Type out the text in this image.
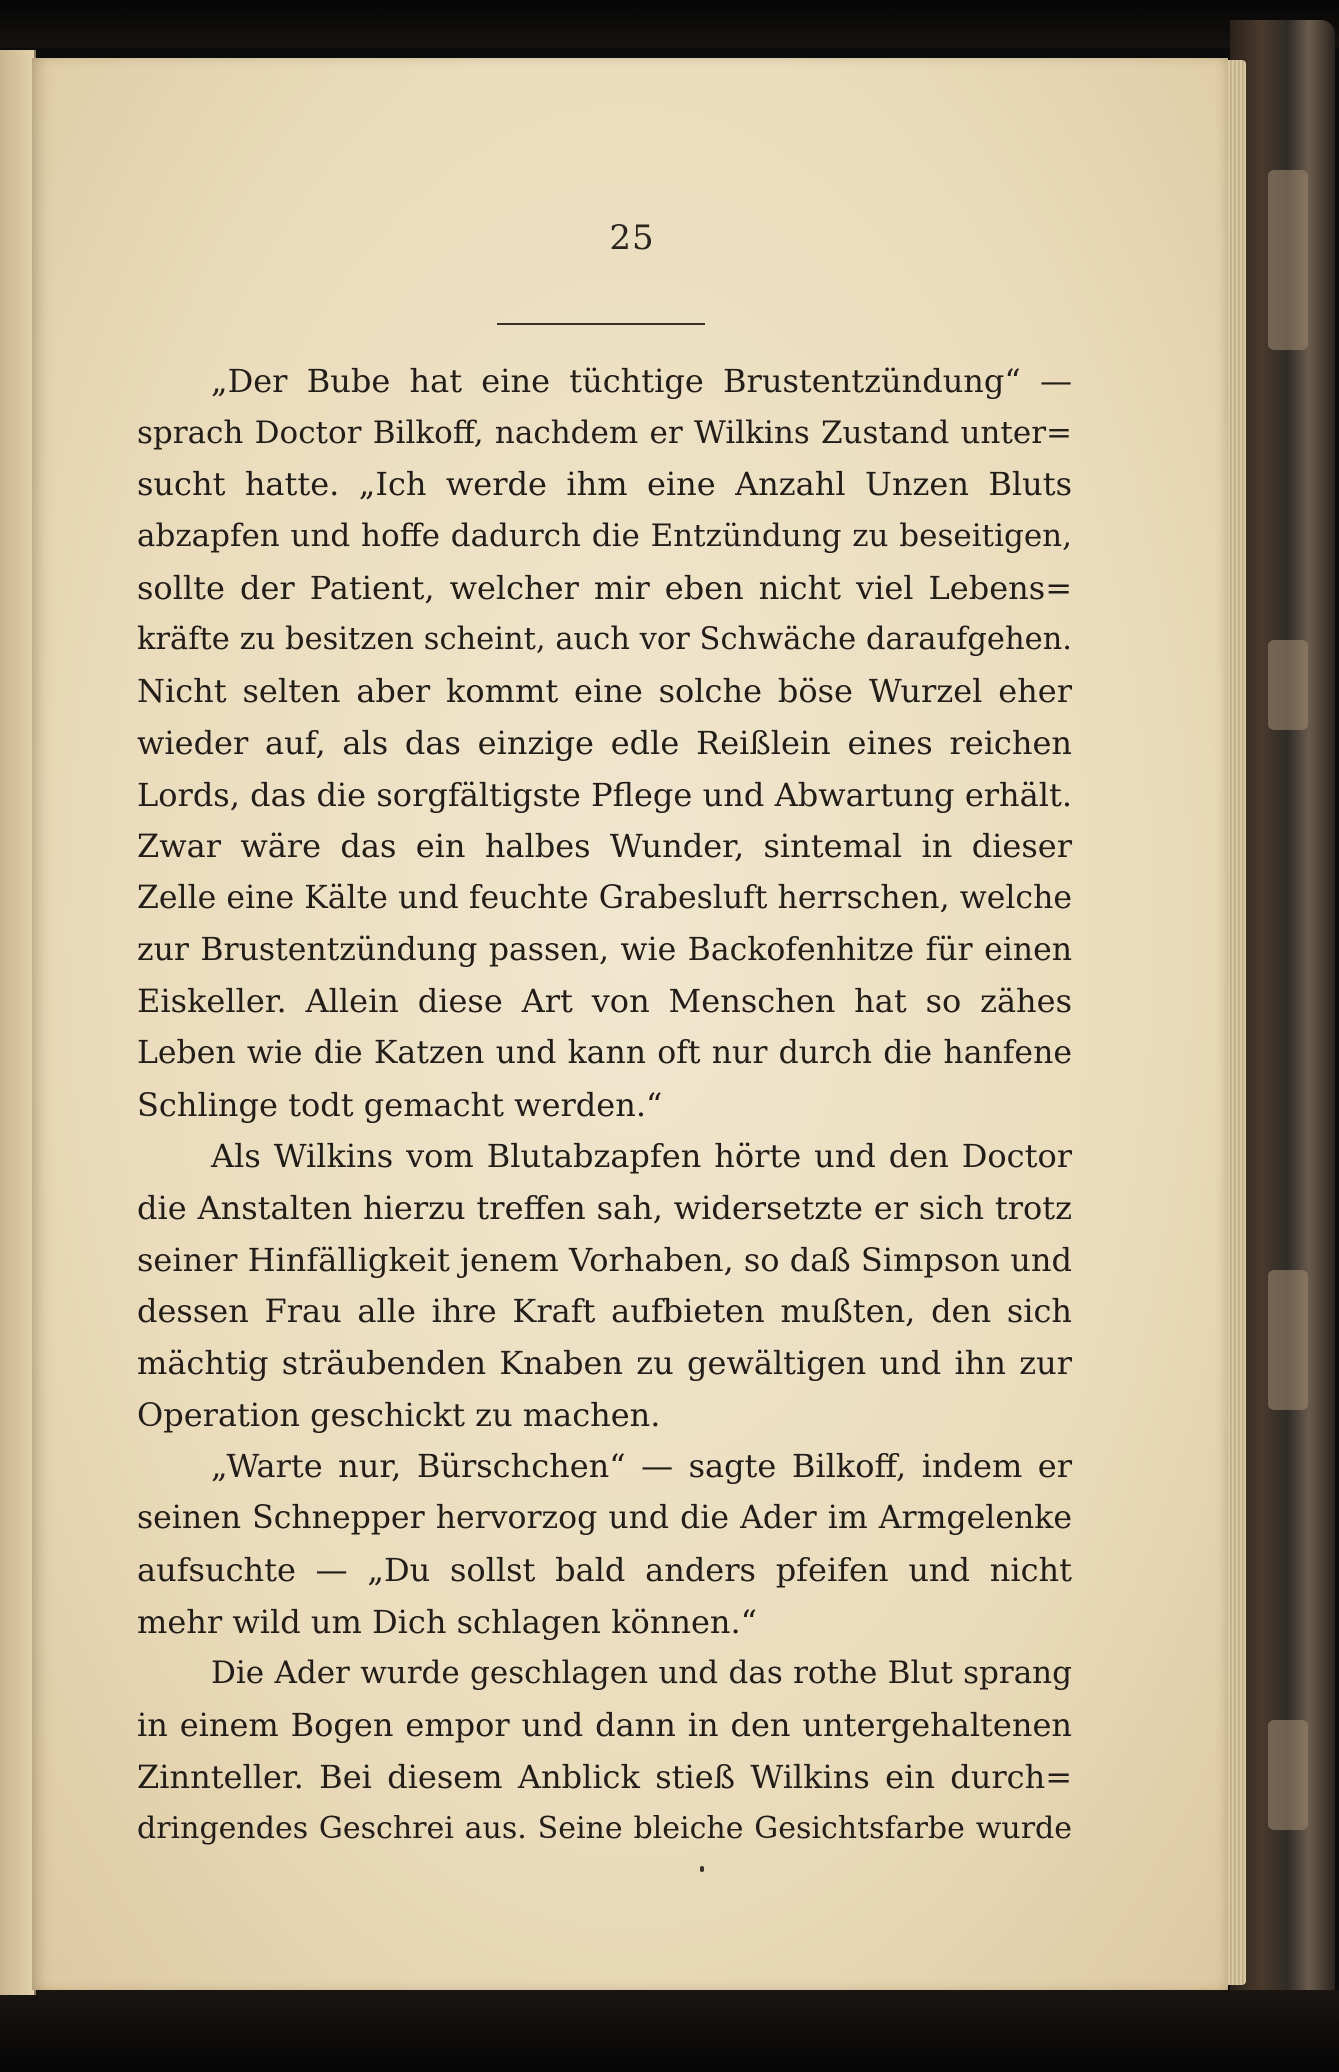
25
„Der Bube hat eine tüchtige Brustentzündung“ —
sprach Doctor Bilkoff, nachdem er Wilkins Zustand unter=
sucht hatte. „Ich werde ihm eine Anzahl Unzen Bluts
abzapfen und hoffe dadurch die Entzündung zu beseitigen,
sollte der Patient, welcher mir eben nicht viel Lebens=
kräfte zu besitzen scheint, auch vor Schwäche daraufgehen.
Nicht selten aber kommt eine solche böse Wurzel eher
wieder auf, als das einzige edle Reißlein eines reichen
Lords, das die sorgfältigste Pflege und Abwartung erhält.
Zwar wäre das ein halbes Wunder, sintemal in dieser
Zelle eine Kälte und feuchte Grabesluft herrschen, welche
zur Brustentzündung passen, wie Backofenhitze für einen
Eiskeller. Allein diese Art von Menschen hat so zähes
Leben wie die Katzen und kann oft nur durch die hanfene
Schlinge todt gemacht werden.“
Als Wilkins vom Blutabzapfen hörte und den Doctor
die Anstalten hierzu treffen sah, widersetzte er sich trotz
seiner Hinfälligkeit jenem Vorhaben, so daß Simpson und
dessen Frau alle ihre Kraft aufbieten mußten, den sich
mächtig sträubenden Knaben zu gewältigen und ihn zur
Operation geschickt zu machen.
„Warte nur, Bürschchen“ — sagte Bilkoff, indem er
seinen Schnepper hervorzog und die Ader im Armgelenke
aufsuchte — „Du sollst bald anders pfeifen und nicht
mehr wild um Dich schlagen können.“
Die Ader wurde geschlagen und das rothe Blut sprang
in einem Bogen empor und dann in den untergehaltenen
Zinnteller. Bei diesem Anblick stieß Wilkins ein durch=
dringendes Geschrei aus. Seine bleiche Gesichtsfarbe wurde
